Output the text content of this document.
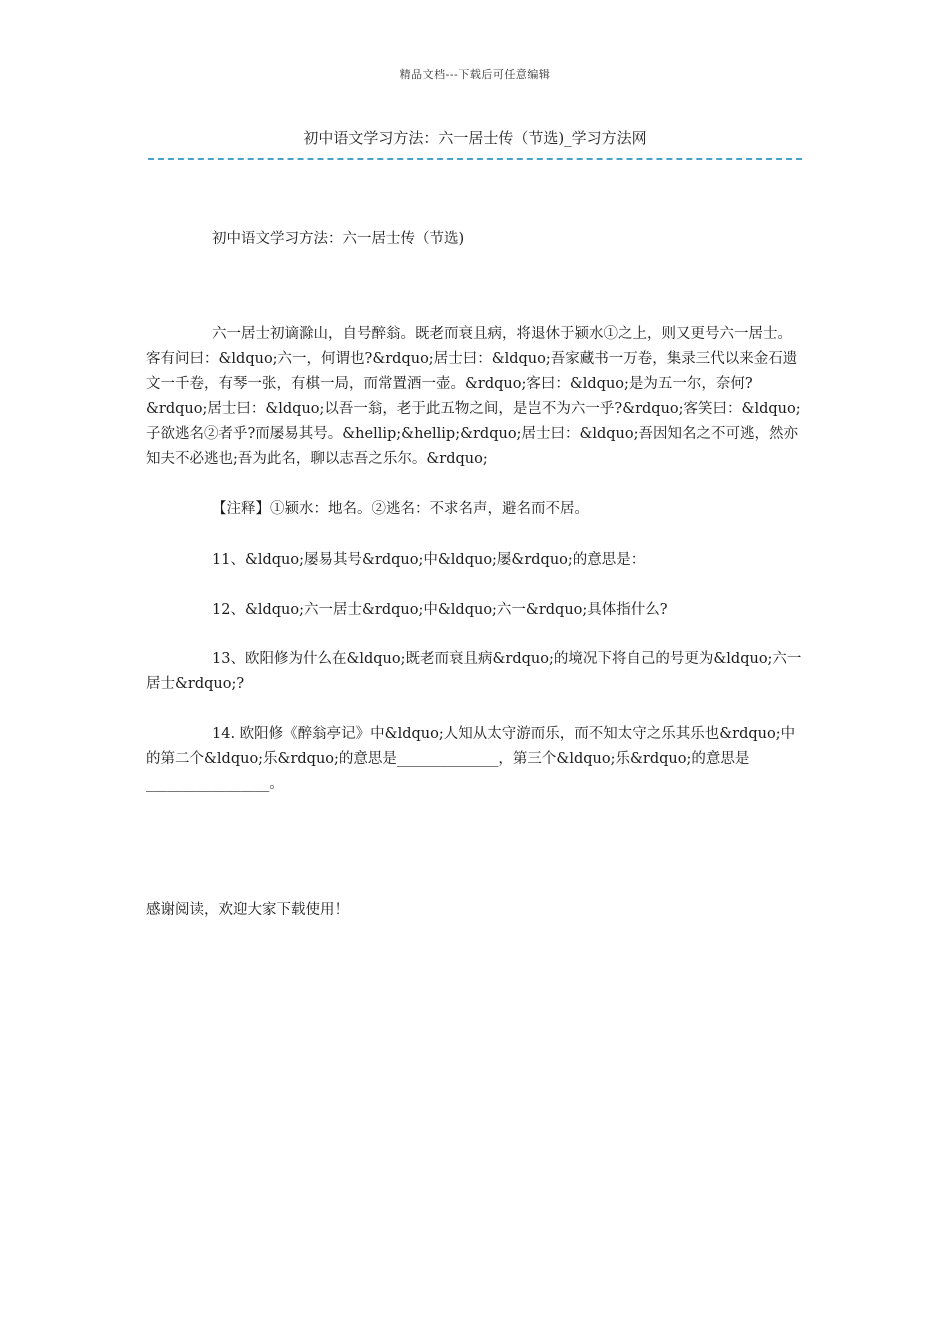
精品文档---下载后可任意编辑
初中语文学习方法：六一居士传（节选)_学习方法网

初中语文学习方法：六一居士传（节选)

六一居士初谪滁山，自号醉翁。既老而衰且病，将退休于颍水①之上，则又更号六一居士。 客有问曰：&ldquo;六一，何谓也?&rdquo;居士曰：&ldquo;吾家藏书一万卷，集录三代以来金石遗文一千卷，有琴一张，有棋一局，而常置酒一壶。&rdquo;客曰：&ldquo;是为五一尔，奈何?&rdquo;居士曰：&ldquo;以吾一翁，老于此五物之间，是岂不为六一乎?&rdquo;客笑曰：&ldquo;子欲逃名②者乎?而屡易其号。&hellip;&hellip;&rdquo;居士曰：&ldquo;吾因知名之不可逃，然亦知夫不必逃也;吾为此名，聊以志吾之乐尔。&rdquo;

【注释】①颍水：地名。②逃名：不求名声，避名而不居。

11、&ldquo;屡易其号&rdquo;中&ldquo;屡&rdquo;的意思是：

12、&ldquo;六一居士&rdquo;中&ldquo;六一&rdquo;具体指什么?

13、欧阳修为什么在&ldquo;既老而衰且病&rdquo;的境况下将自己的号更为&ldquo;六一居士&rdquo;?

14. 欧阳修《醉翁亭记》中&ldquo;人知从太守游而乐，而不知太守之乐其乐也&rdquo;中的第二个&ldquo;乐&rdquo;的意思是______________，第三个&ldquo;乐&rdquo;的意思是_________________。

感谢阅读，欢迎大家下载使用！
